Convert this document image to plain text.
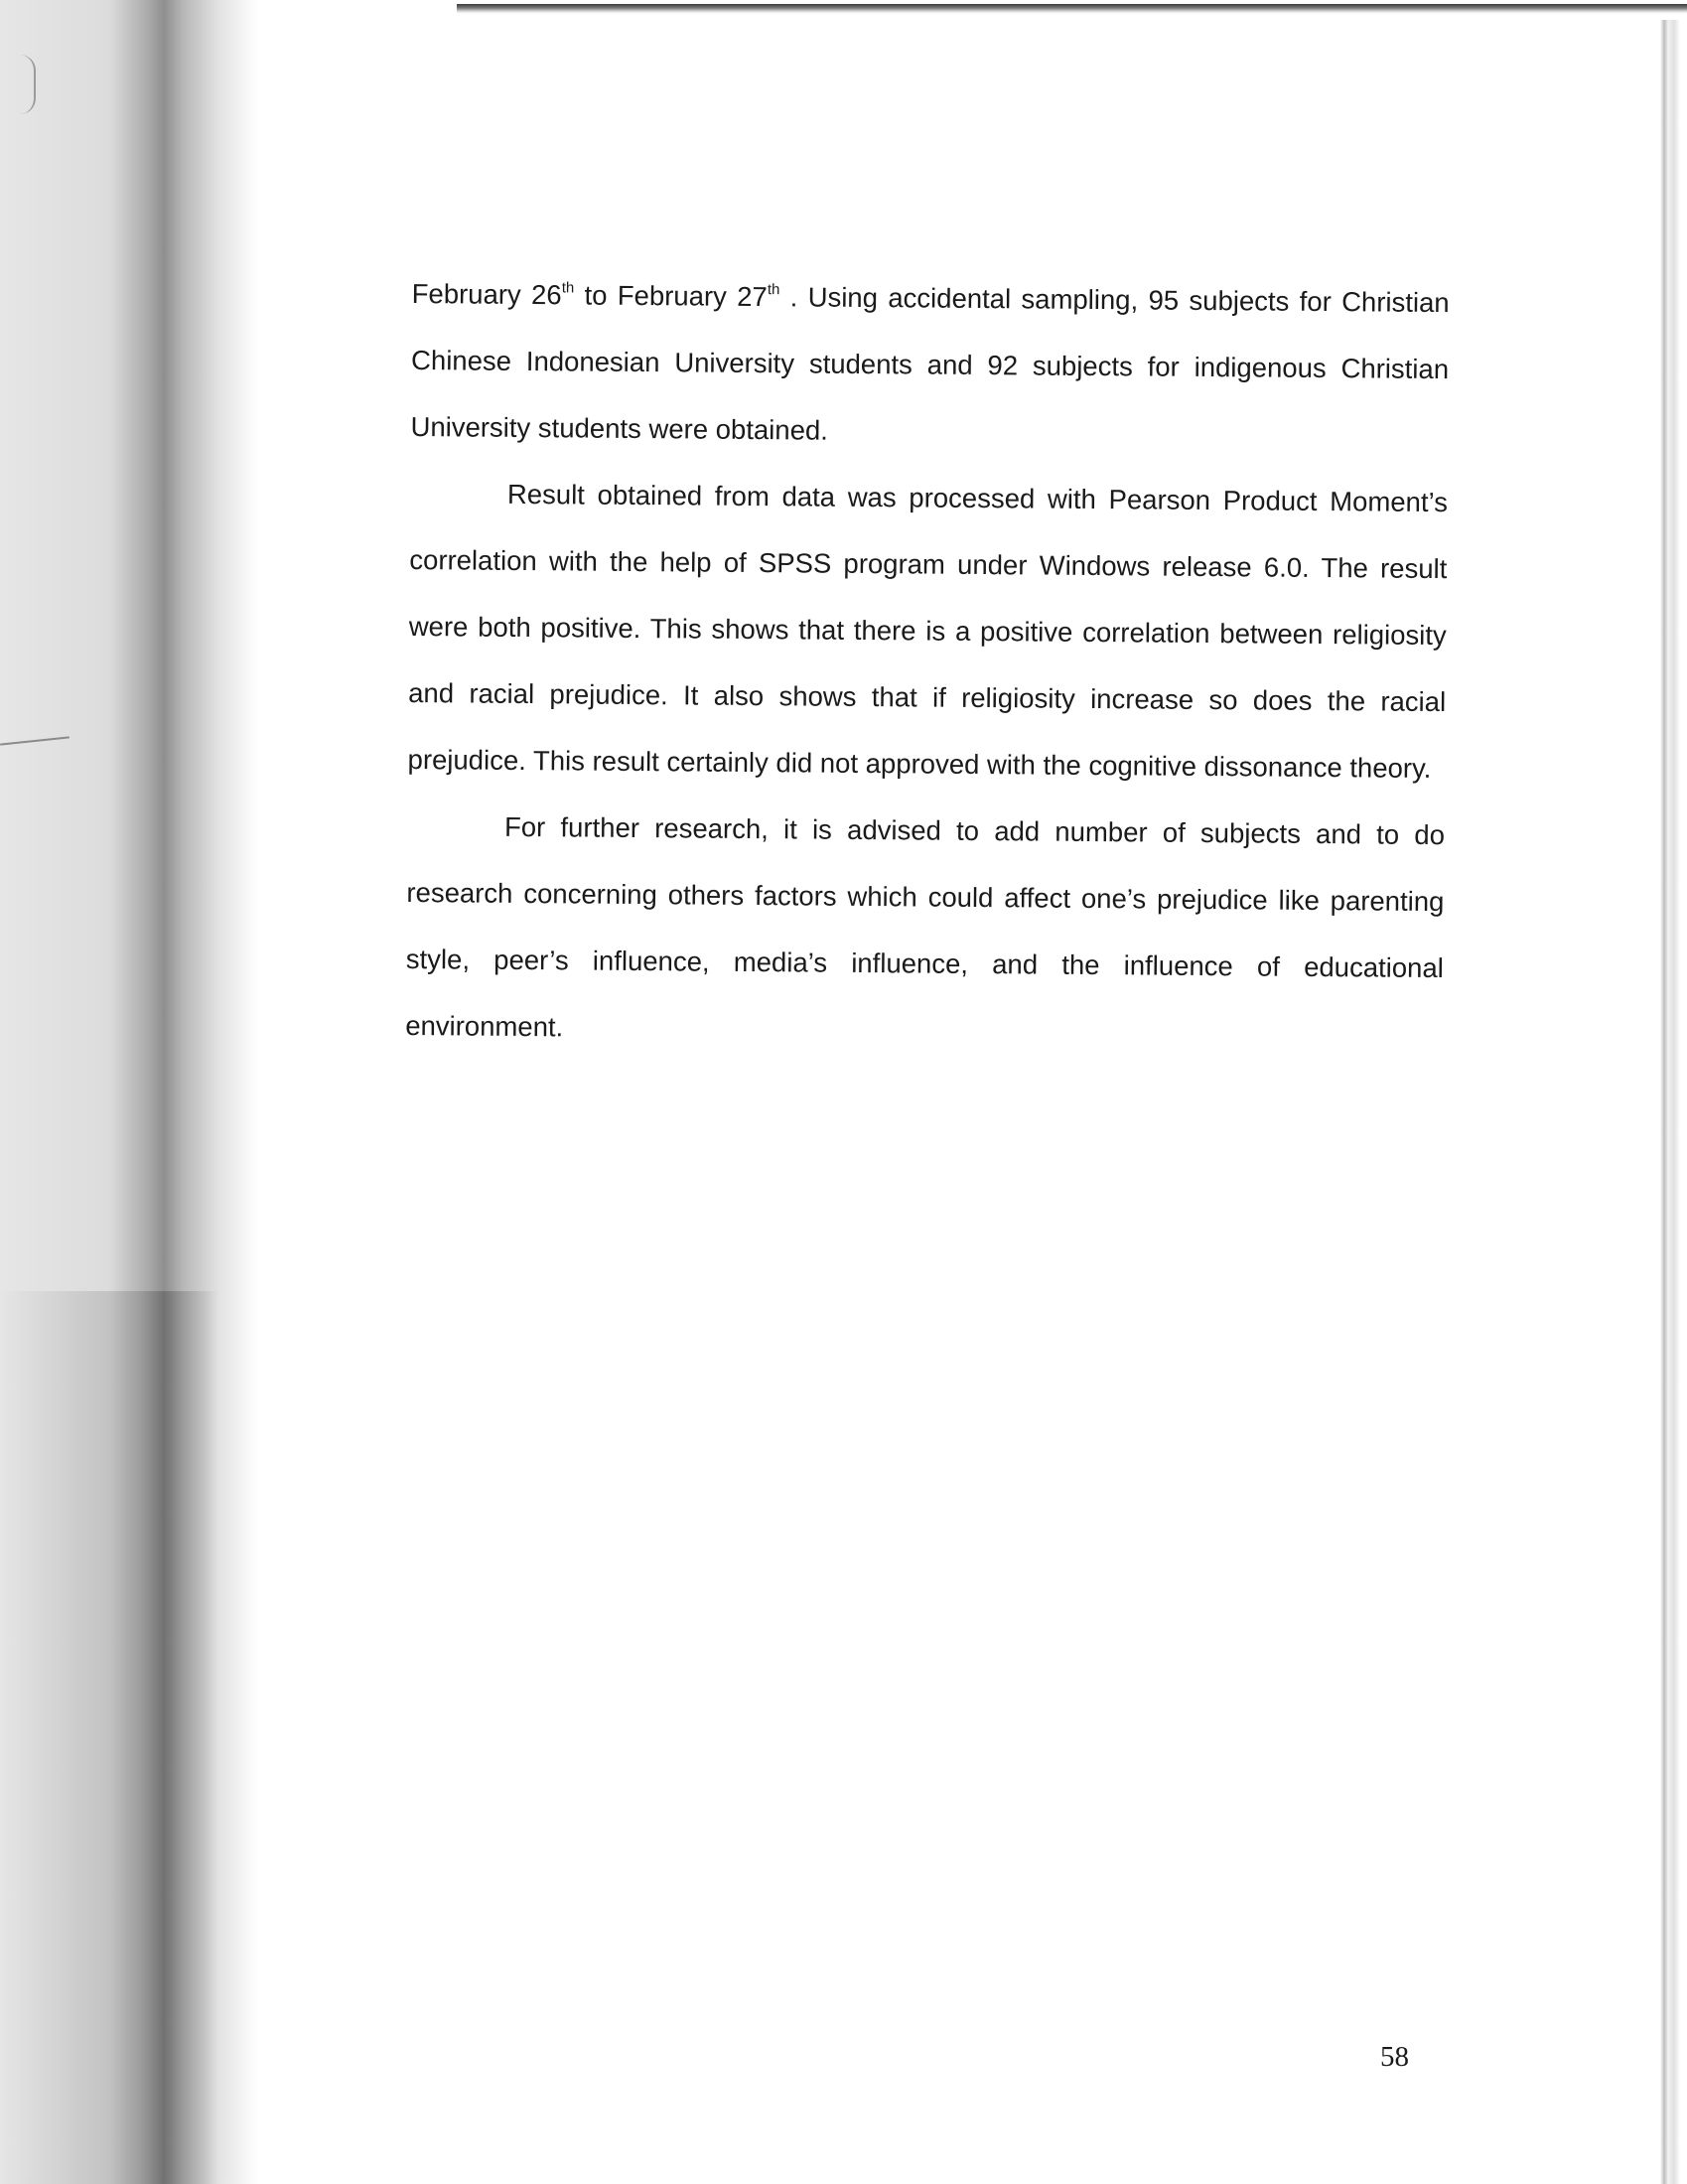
February 26th to February 27th . Using accidental sampling, 95 subjects for Christian Chinese Indonesian University students and 92 subjects for indigenous Christian University students were obtained.

Result obtained from data was processed with Pearson Product Moment’s correlation with the help of SPSS program under Windows release 6.0. The result were both positive. This shows that there is a positive correlation between religiosity and racial prejudice. It also shows that if religiosity increase so does the racial prejudice. This result certainly did not approved with the cognitive dissonance theory.

For further research, it is advised to add number of subjects and to do research concerning others factors which could affect one’s prejudice like parenting style, peer’s influence, media’s influence, and the influence of educational environment.

58
